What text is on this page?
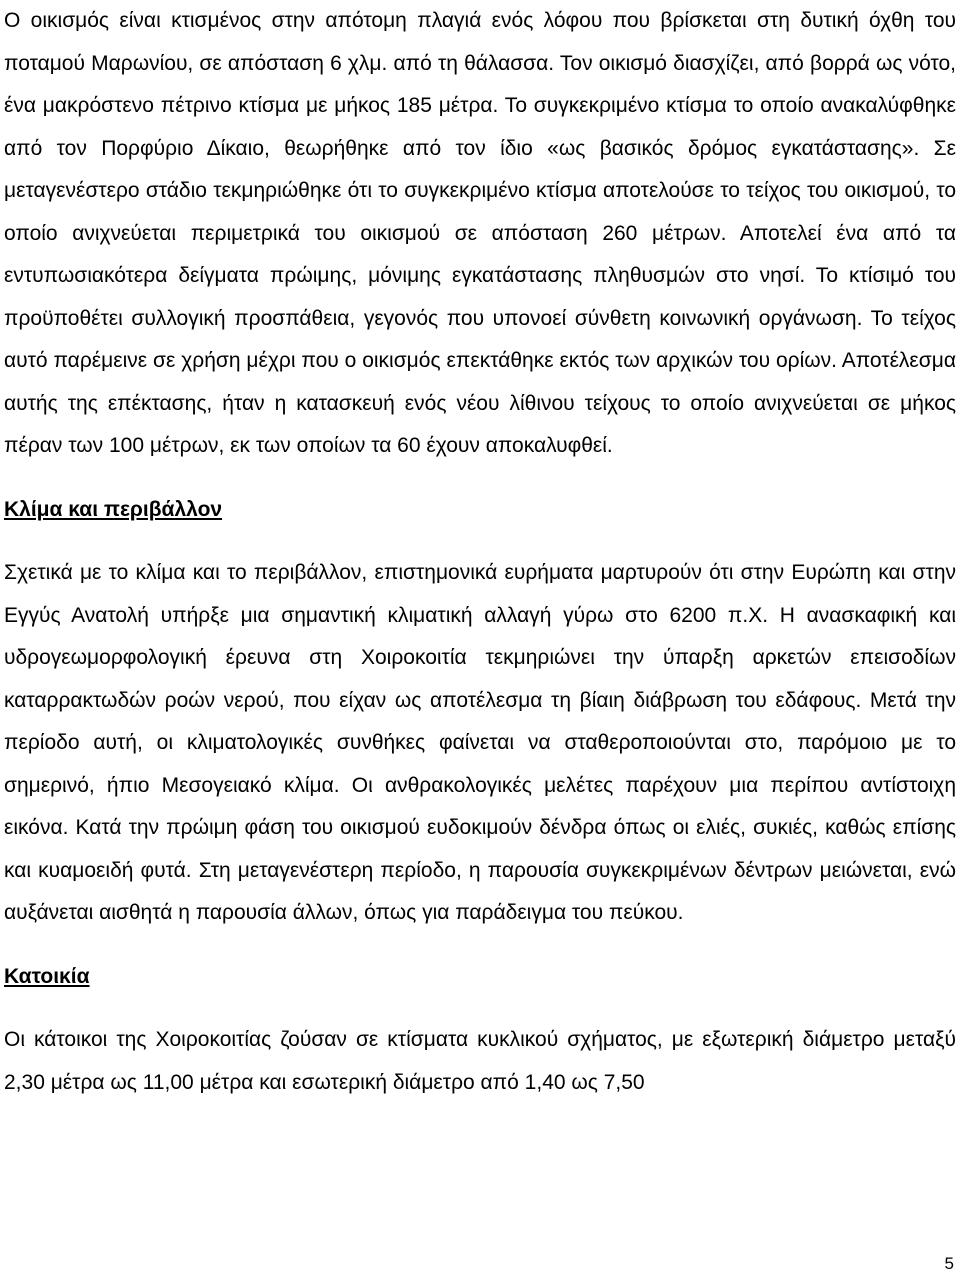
Ο οικισμός είναι κτισμένος στην απότομη πλαγιά ενός λόφου που βρίσκεται στη δυτική όχθη του ποταμού Μαρωνίου, σε απόσταση 6 χλμ. από τη θάλασσα. Τον οικισμό διασχίζει, από βορρά ως νότο, ένα μακρόστενο πέτρινο κτίσμα με μήκος 185 μέτρα. Το συγκεκριμένο κτίσμα το οποίο ανακαλύφθηκε από τον Πορφύριο Δίκαιο, θεωρήθηκε από τον ίδιο «ως βασικός δρόμος εγκατάστασης». Σε μεταγενέστερο στάδιο τεκμηριώθηκε ότι το συγκεκριμένο κτίσμα αποτελούσε το τείχος του οικισμού, το οποίο ανιχνεύεται περιμετρικά του οικισμού σε απόσταση 260 μέτρων. Αποτελεί ένα από τα εντυπωσιακότερα δείγματα πρώιμης, μόνιμης εγκατάστασης πληθυσμών στο νησί. Το κτίσιμό του προϋποθέτει συλλογική προσπάθεια, γεγονός που υπονοεί σύνθετη κοινωνική οργάνωση. Το τείχος αυτό παρέμεινε σε χρήση μέχρι που ο οικισμός επεκτάθηκε εκτός των αρχικών του ορίων. Αποτέλεσμα αυτής της επέκτασης, ήταν η κατασκευή ενός νέου λίθινου τείχους το οποίο ανιχνεύεται σε μήκος πέραν των 100 μέτρων, εκ των οποίων τα 60 έχουν αποκαλυφθεί.

Κλίμα και περιβάλλον

Σχετικά με το κλίμα και το περιβάλλον, επιστημονικά ευρήματα μαρτυρούν ότι στην Ευρώπη και στην Εγγύς Ανατολή υπήρξε μια σημαντική κλιματική αλλαγή γύρω στο 6200 π.Χ. Η ανασκαφική και υδρογεωμορφολογική έρευνα στη Χοιροκοιτία τεκμηριώνει την ύπαρξη αρκετών επεισοδίων καταρρακτωδών ροών νερού, που είχαν ως αποτέλεσμα τη βίαιη διάβρωση του εδάφους. Μετά την περίοδο αυτή, οι κλιματολογικές συνθήκες φαίνεται να σταθεροποιούνται στο, παρόμοιο με το σημερινό, ήπιο Μεσογειακό κλίμα. Οι ανθρακολογικές μελέτες παρέχουν μια περίπου αντίστοιχη εικόνα. Κατά την πρώιμη φάση του οικισμού ευδοκιμούν δένδρα όπως οι ελιές, συκιές, καθώς επίσης και κυαμοειδή φυτά. Στη μεταγενέστερη περίοδο, η παρουσία συγκεκριμένων δέντρων μειώνεται, ενώ αυξάνεται αισθητά η παρουσία άλλων, όπως για παράδειγμα του πεύκου.

Κατοικία

Οι κάτοικοι της Χοιροκοιτίας ζούσαν σε κτίσματα κυκλικού σχήματος, με εξωτερική διάμετρο μεταξύ 2,30 μέτρα ως 11,00 μέτρα και εσωτερική διάμετρο από 1,40 ως 7,50

5
